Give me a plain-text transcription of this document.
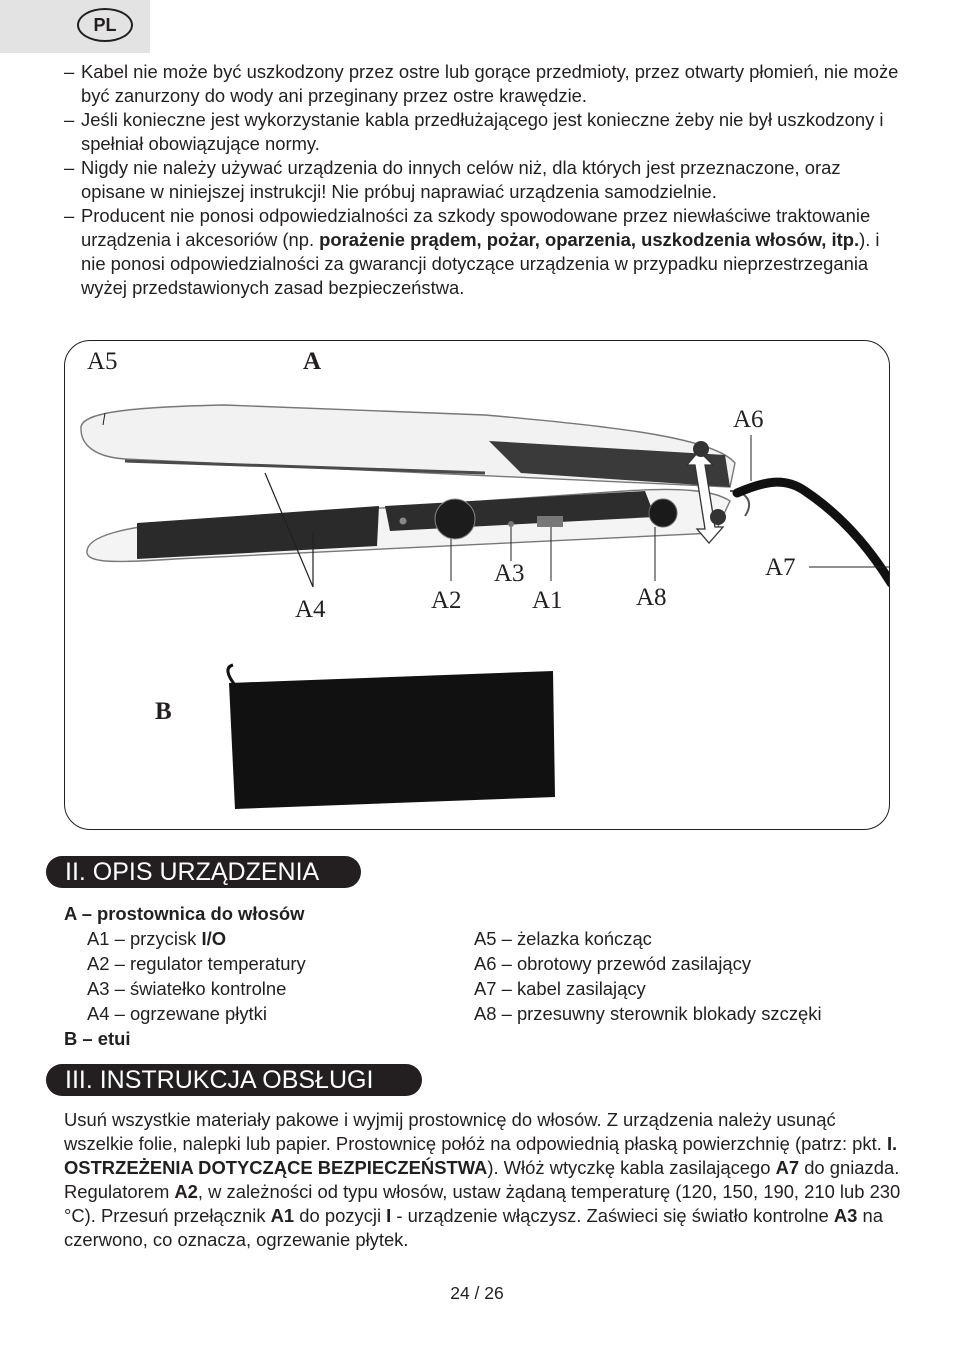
PL
– Kabel nie może być uszkodzony przez ostre lub gorące przedmioty, przez otwarty płomień, nie może być zanurzony do wody ani przeginany przez ostre krawędzie.
– Jeśli konieczne jest wykorzystanie kabla przedłużającego jest konieczne żeby nie był uszkodzony i spełniał obowiązujące normy.
– Nigdy nie należy używać urządzenia do innych celów niż, dla których jest przeznaczone, oraz opisane w niniejszej instrukcji! Nie próbuj naprawiać urządzenia samodzielnie.
– Producent nie ponosi odpowiedzialności za szkody spowodowane przez niewłaściwe traktowanie urządzenia i akcesoriów (np. porażenie prądem, pożar, oparzenia, uszkodzenia włosów, itp.). i nie ponosi odpowiedzialności za gwarancji dotyczące urządzenia w przypadku nieprzestrzegania wyżej przedstawionych zasad bezpieczeństwa.
A5	A
A6
A3	A7
A4	A2	A1	A8
B
II. OPIS URZĄDZENIA
A – prostownica do włosów
A1 – przycisk I/O
A2 – regulator temperatury
A3 – światełko kontrolne
A4 – ogrzewane płytki
A5 – żelazka kończąc
A6 – obrotowy przewód zasilający
A7 – kabel zasilający
A8 – przesuwny sterownik blokady szczęki
B – etui
III. INSTRUKCJA OBSŁUGI
Usuń wszystkie materiały pakowe i wyjmij prostownicę do włosów. Z urządzenia należy usunąć wszelkie folie, nalepki lub papier. Prostownicę połóż na odpowiednią płaską powierzchnię (patrz: pkt. I. OSTRZEŻENIA DOTYCZĄCE BEZPIECZEŃSTWA). Włóż wtyczkę kabla zasilającego A7 do gniazda. Regulatorem A2, w zależności od typu włosów, ustaw żądaną temperaturę (120, 150, 190, 210 lub 230 °C). Przesuń przełącznik A1 do pozycji I - urządzenie włączysz. Zaświeci się światło kontrolne A3 na czerwono, co oznacza, ogrzewanie płytek.
24 / 26
